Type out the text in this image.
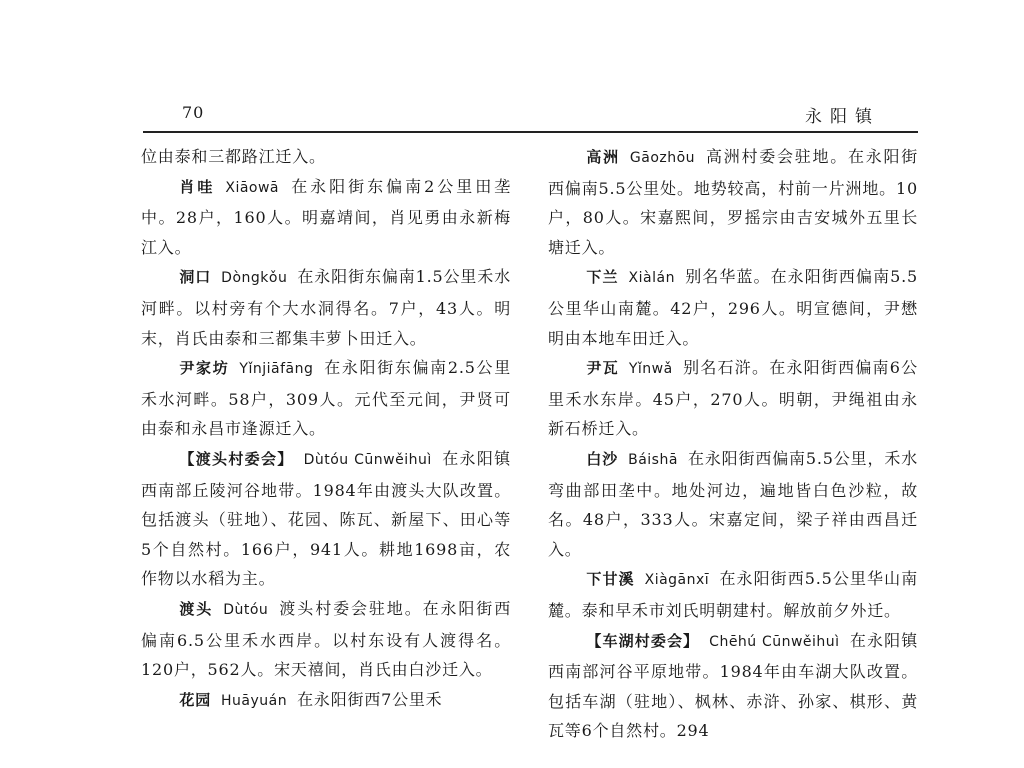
70	永阳镇

位由泰和三都路江迁入。

肖哇 Xiāowā 在永阳街东偏南2公里田垄中。28户，160人。明嘉靖间，肖见勇由永新梅江入。

洞口 Dòngkǒu 在永阳街东偏南1.5公里禾水河畔。以村旁有个大水洞得名。7户，43人。明末，肖氏由泰和三都集丰萝卜田迁入。

尹家坊 Yǐnjiāfāng 在永阳街东偏南2.5公里禾水河畔。58户，309人。元代至元间，尹贤可由泰和永昌市逢源迁入。

【渡头村委会】 Dùtóu Cūnwěihuì 在永阳镇西南部丘陵河谷地带。1984年由渡头大队改置。包括渡头（驻地）、花园、陈瓦、新屋下、田心等5个自然村。166户，941人。耕地1698亩，农作物以水稻为主。

渡头 Dùtóu 渡头村委会驻地。在永阳街西偏南6.5公里禾水西岸。以村东设有人渡得名。120户，562人。宋天禧间，肖氏由白沙迁入。

花园 Huāyuán 在永阳街西7公里禾

高洲 Gāozhōu 高洲村委会驻地。在永阳街西偏南5.5公里处。地势较高，村前一片洲地。10户，80人。宋嘉熙间，罗摇宗由吉安城外五里长塘迁入。

下兰 Xiàlán 别名华蓝。在永阳街西偏南5.5公里华山南麓。42户，296人。明宣德间，尹懋明由本地车田迁入。

尹瓦 Yǐnwǎ 别名石浒。在永阳街西偏南6公里禾水东岸。45户，270人。明朝，尹绳祖由永新石桥迁入。

白沙 Báishā 在永阳街西偏南5.5公里，禾水弯曲部田垄中。地处河边，遍地皆白色沙粒，故名。48户，333人。宋嘉定间，梁子祥由西昌迁入。

下甘溪 Xiàgānxī 在永阳街西5.5公里华山南麓。泰和早禾市刘氏明朝建村。解放前夕外迁。

【车湖村委会】 Chēhú Cūnwěihuì 在永阳镇西南部河谷平原地带。1984年由车湖大队改置。包括车湖（驻地）、枫林、赤浒、孙家、棋形、黄瓦等6个自然村。294
